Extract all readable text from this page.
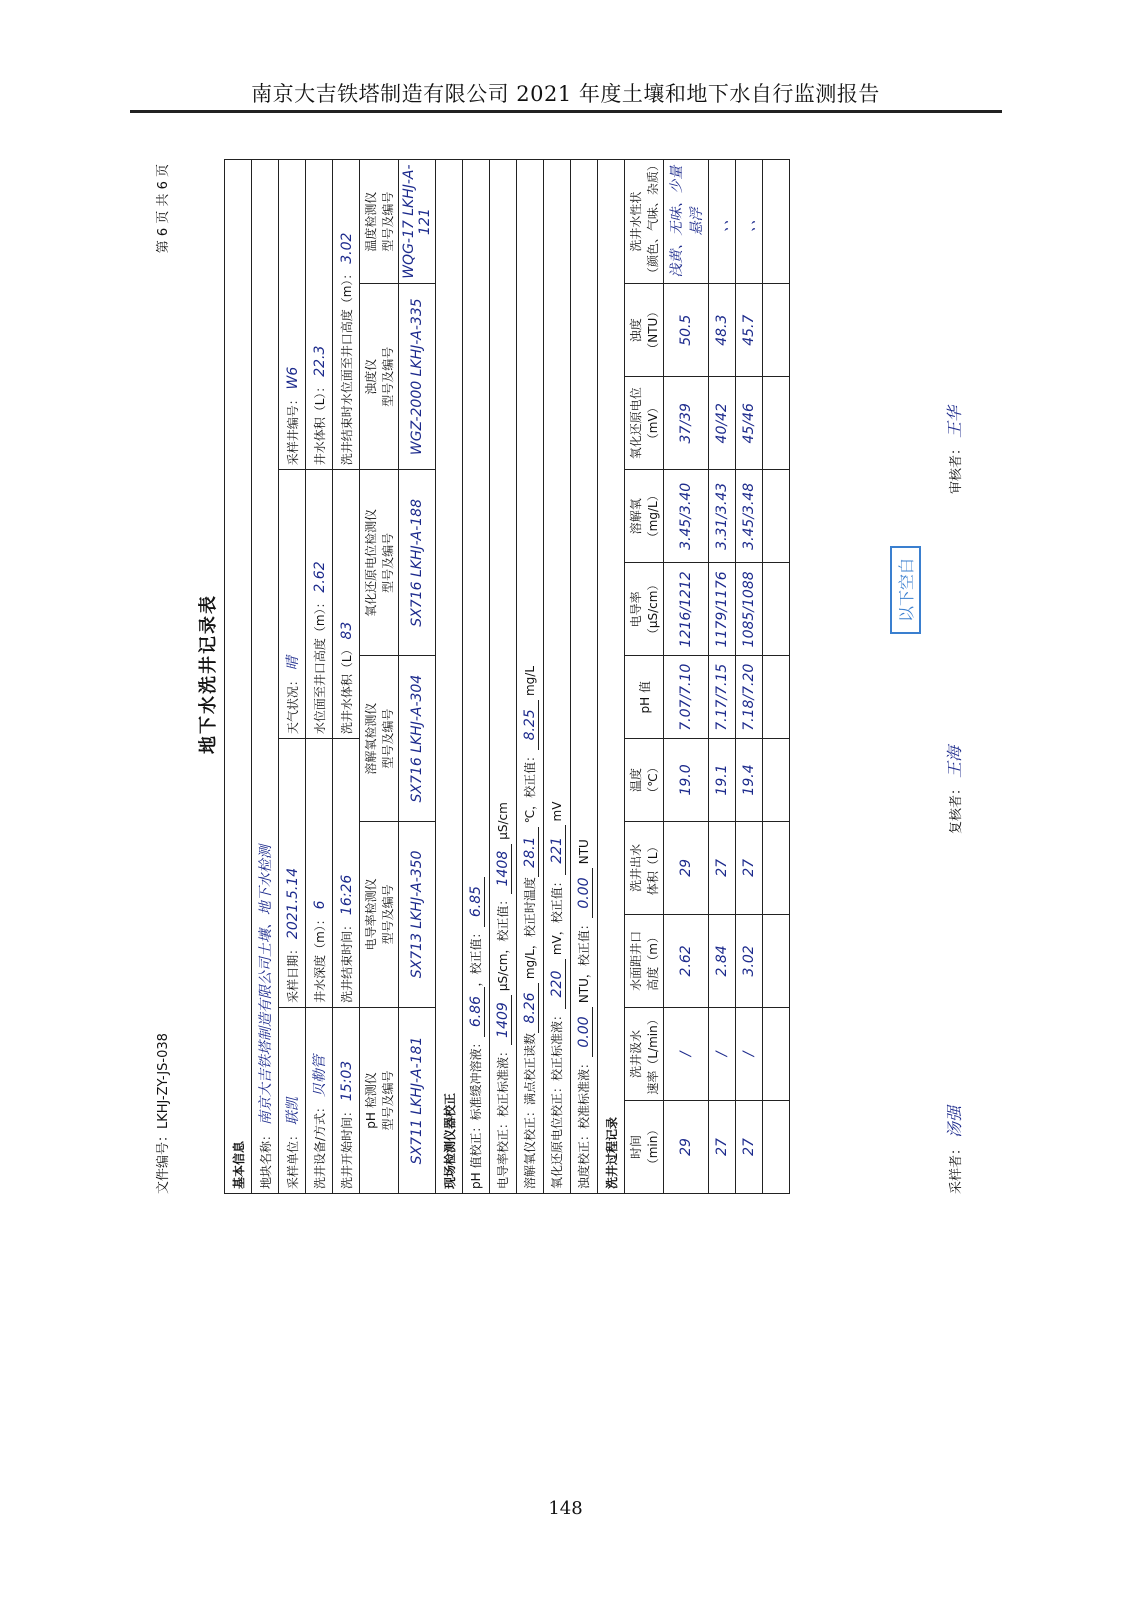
南京大吉铁塔制造有限公司 2021 年度土壤和地下水自行监测报告
文件编号：LKHJ-ZY-JS-038
第 6 页 共 6 页
地下水洗井记录表
基本信息										
地块名称： 南京大吉铁塔制造有限公司土壤、地下水检测										
采样单位： 联凯		采样日期： 2021.5.14			天气状况： 晴			采样井编号： W6		
洗井设备/方式： 贝勒管		井水深度（m）： 6			水位面至井口高度（m）： 2.62			井水体积（L）： 22.3		
洗井开始时间： 15:03		洗井结束时间： 16:26			洗井水体积（L） 83			洗井结束时水位面至井口高度（m）： 3.02		
pH 检测仪 型号及编号		电导率检测仪 型号及编号		溶解氧检测仪 型号及编号		氧化还原电位检测仪 型号及编号		浊度仪 型号及编号		温度检测仪 型号及编号
SX711 LKHJ-A-181		SX713 LKHJ-A-350		SX716 LKHJ-A-304		SX716 LKHJ-A-188		WGZ-2000 LKHJ-A-335		WQG-17 LKHJ-A-121
现场检测仪器校正										
pH 值校正：标准缓冲溶液：6.86，校正值：6.85										
电导率校正：校正标准液：1409 μS/cm，校正值：1408 μS/cm										
溶解氧仪校正：满点校正读数8.26 mg/L，校正时温度28.1 ℃，校正值：8.25 mg/L										
氧化还原电位校正：校正标准液：220 mV，校正值：221 mV										
浊度校正：校准标准液：0.00 NTU，校正值：0.00 NTU										
洗井过程记录										
时间 （min）	洗井汲水 速率（L/min）	水面距井口 高度（m）	洗井出水 体积（L）	温度 （℃）	pH 值	电导率 （μS/cm）	溶解氧 （mg/L）	氧化还原电位 （mV）	浊度 （NTU）	洗井水性状 （颜色、气味、杂质）
29	/	2.62	29	19.0	7.07/7.10	1216/1212	3.45/3.40	37/39	50.5	浅黄、无味、少量悬浮
27	/	2.84	27	19.1	7.17/7.15	1179/1176	3.31/3.43	40/42	48.3	、、
27	/	3.02	27	19.4	7.18/7.20	1085/1088	3.45/3.48	45/46	45.7	、、

以下空白
采样者：汤强
复核者：王海
审核者：王华
148
